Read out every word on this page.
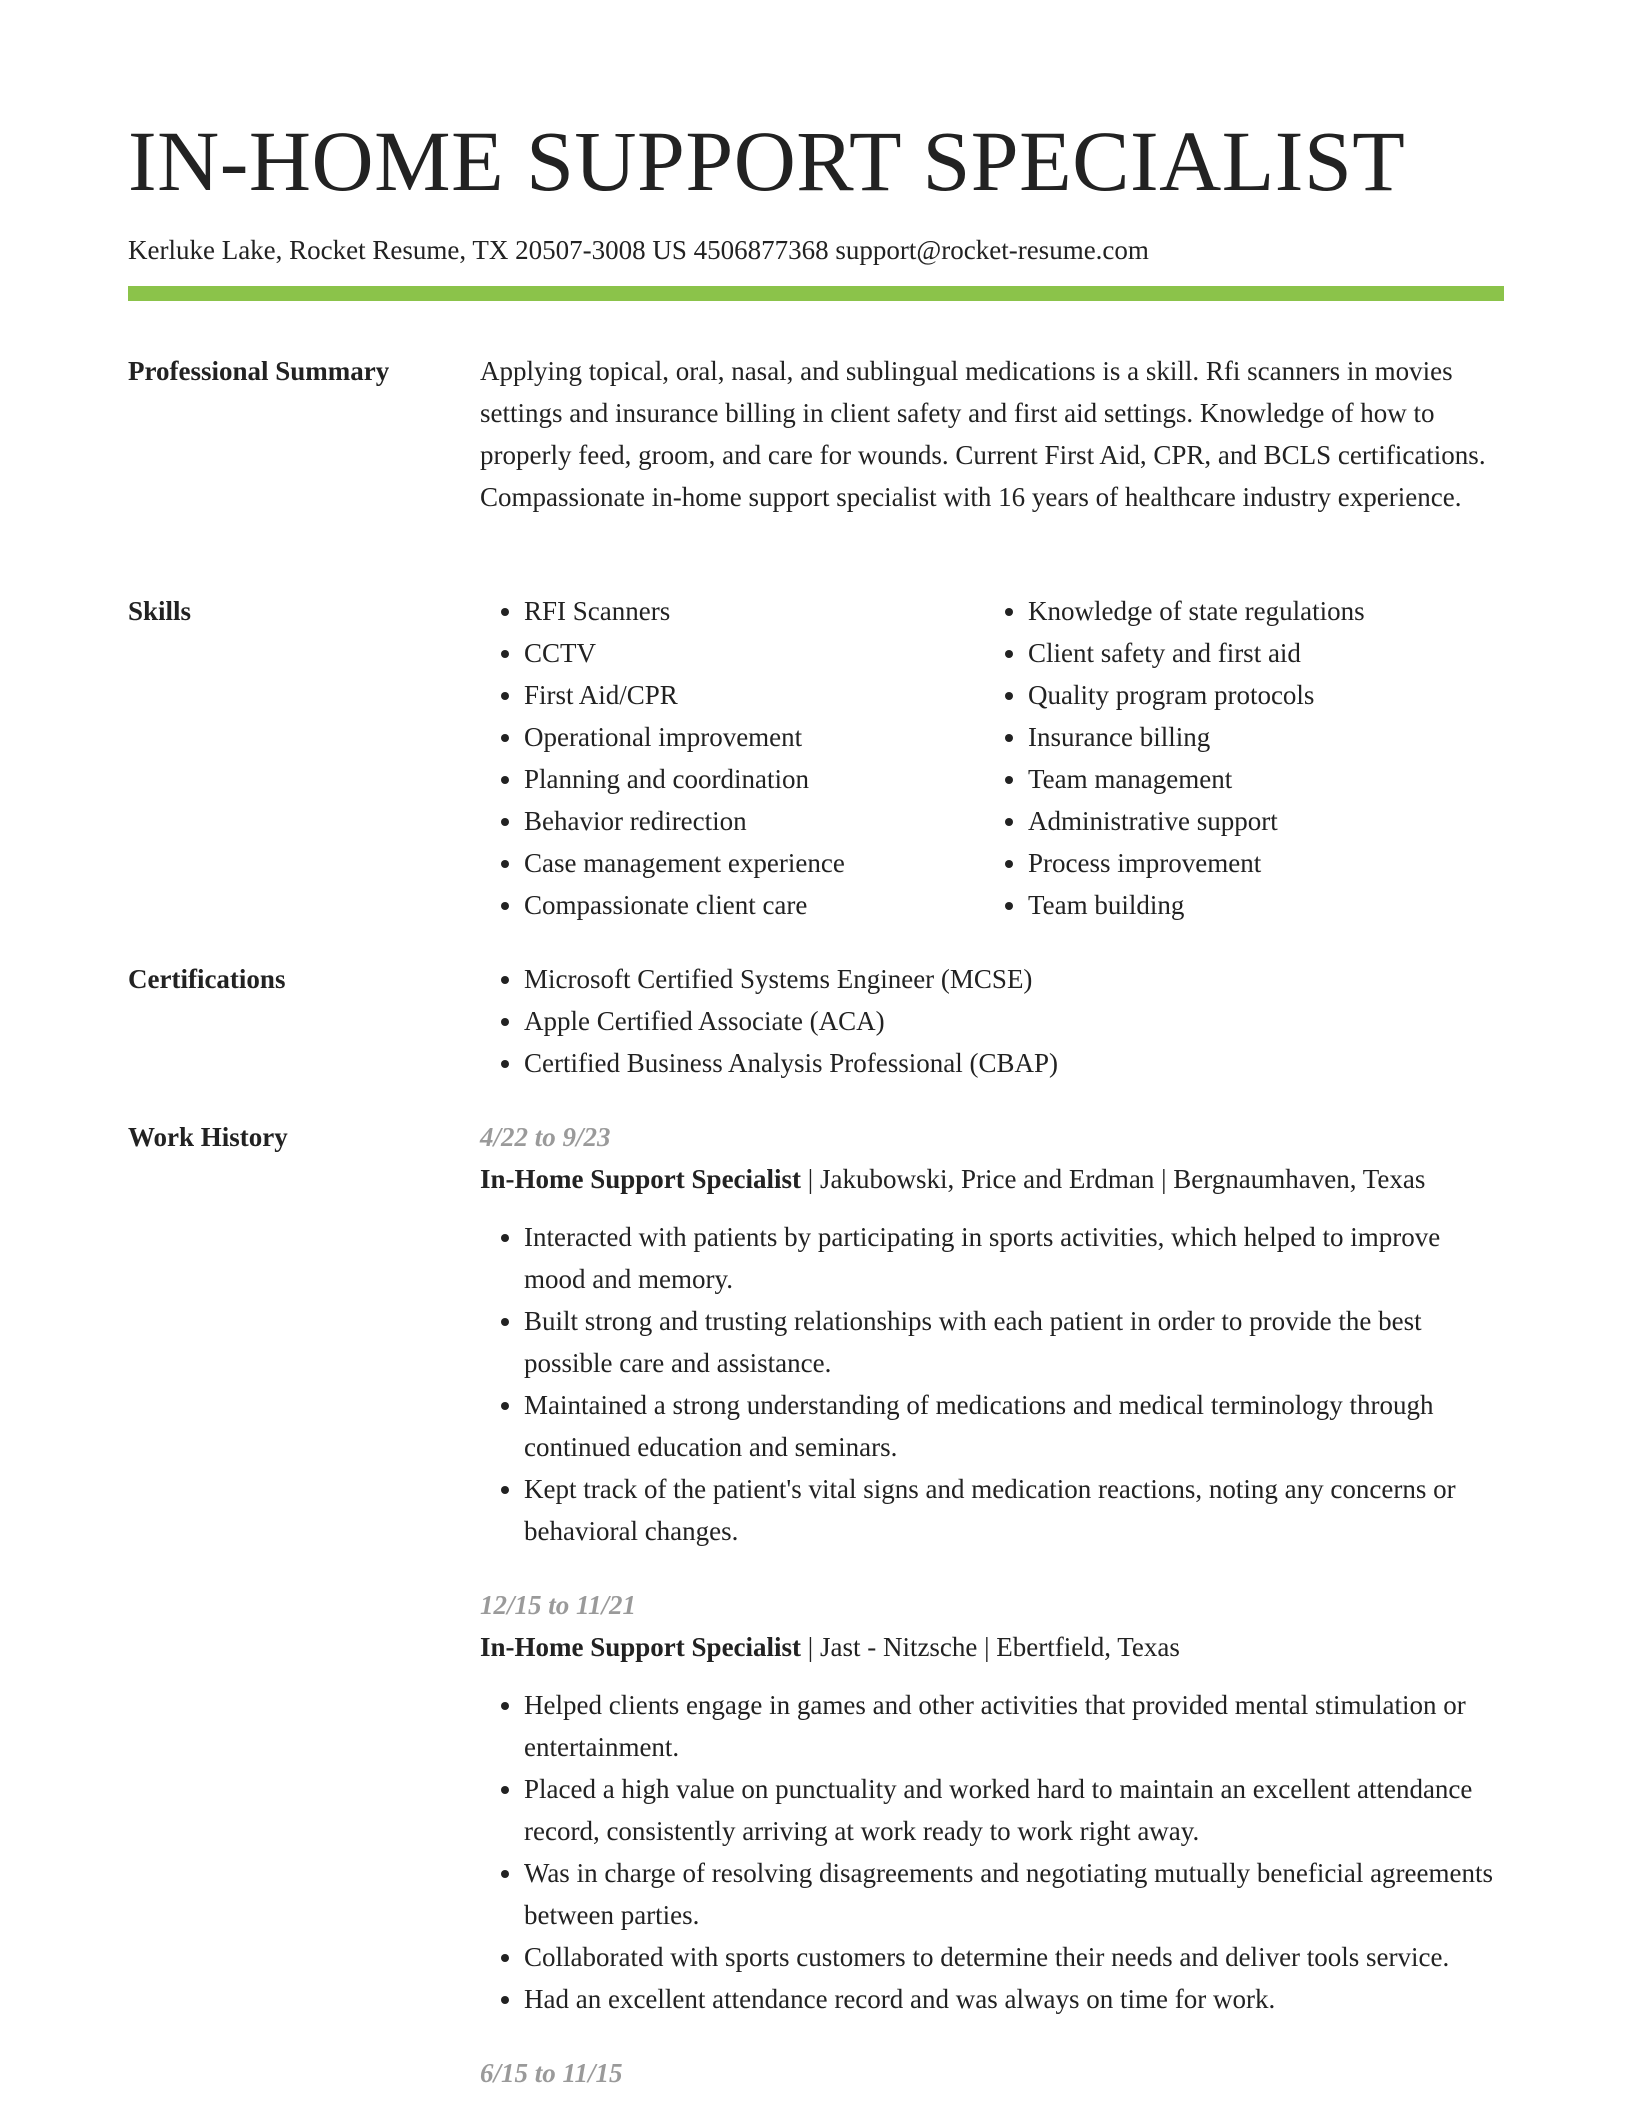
IN-HOME SUPPORT SPECIALIST
Kerluke Lake, Rocket Resume, TX 20507-3008 US 4506877368 support@rocket-resume.com
Professional Summary	Applying topical, oral, nasal, and sublingual medications is a skill. Rfi scanners in movies settings and insurance billing in client safety and first aid settings. Knowledge of how to properly feed, groom, and care for wounds. Current First Aid, CPR, and BCLS certifications. Compassionate in-home support specialist with 16 years of healthcare industry experience.

Skills	• RFI Scanners
• CCTV
• First Aid/CPR
• Operational improvement
• Planning and coordination
• Behavior redirection
• Case management experience
• Compassionate client care
• Knowledge of state regulations
• Client safety and first aid
• Quality program protocols
• Insurance billing
• Team management
• Administrative support
• Process improvement
• Team building
Certifications	• Microsoft Certified Systems Engineer (MCSE)
• Apple Certified Associate (ACA)
• Certified Business Analysis Professional (CBAP)
Work History	4/22 to 9/23
In-Home Support Specialist | Jakubowski, Price and Erdman | Bergnaumhaven, Texas
• Interacted with patients by participating in sports activities, which helped to improve mood and memory.
• Built strong and trusting relationships with each patient in order to provide the best possible care and assistance.
• Maintained a strong understanding of medications and medical terminology through continued education and seminars.
• Kept track of the patient's vital signs and medication reactions, noting any concerns or behavioral changes.
12/15 to 11/21
In-Home Support Specialist | Jast - Nitzsche | Ebertfield, Texas
• Helped clients engage in games and other activities that provided mental stimulation or entertainment.
• Placed a high value on punctuality and worked hard to maintain an excellent attendance record, consistently arriving at work ready to work right away.
• Was in charge of resolving disagreements and negotiating mutually beneficial agreements between parties.
• Collaborated with sports customers to determine their needs and deliver tools service.
• Had an excellent attendance record and was always on time for work.
6/15 to 11/15
